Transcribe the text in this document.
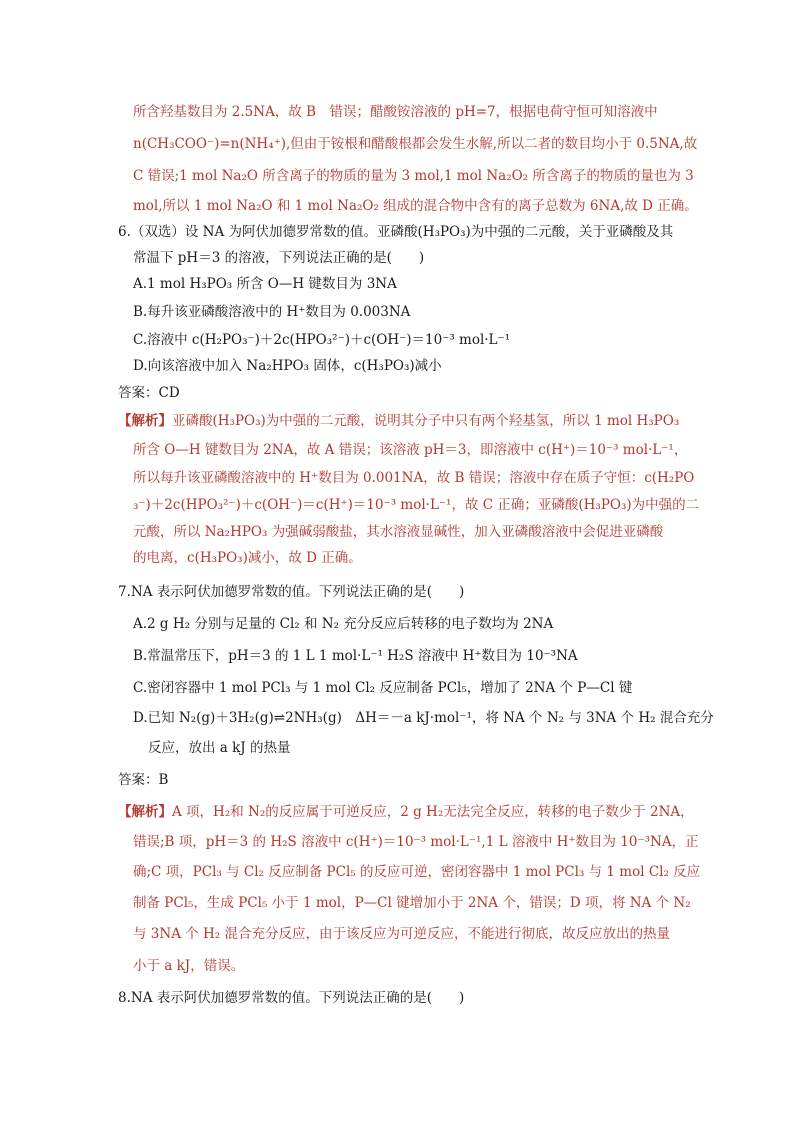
所含羟基数目为 2.5NA，故 B　错误；醋酸铵溶液的 pH=7，根据电荷守恒可知溶液中
n(CH₃COO⁻)=n(NH₄⁺),但由于铵根和醋酸根都会发生水解,所以二者的数目均小于 0.5NA,故
C 错误;1 mol Na₂O 所含离子的物质的量为 3 mol,1 mol Na₂O₂ 所含离子的物质的量也为 3
mol,所以 1 mol Na₂O 和 1 mol Na₂O₂ 组成的混合物中含有的离子总数为 6NA,故 D 正确。
6.（双选）设 NA 为阿伏加德罗常数的值。亚磷酸(H₃PO₃)为中强的二元酸，关于亚磷酸及其
常温下 pH＝3 的溶液，下列说法正确的是(　　)
A.1 mol H₃PO₃ 所含 O—H 键数目为 3NA
B.每升该亚磷酸溶液中的 H⁺数目为 0.003NA
C.溶液中 c(H₂PO₃⁻)＋2c(HPO₃²⁻)＋c(OH⁻)＝10⁻³ mol·L⁻¹
D.向该溶液中加入 Na₂HPO₃ 固体，c(H₃PO₃)减小
答案：CD
【解析】亚磷酸(H₃PO₃)为中强的二元酸，说明其分子中只有两个羟基氢，所以 1 mol H₃PO₃
所含 O—H 键数目为 2NA，故 A 错误；该溶液 pH＝3，即溶液中 c(H⁺)＝10⁻³ mol·L⁻¹，
所以每升该亚磷酸溶液中的 H⁺数目为 0.001NA，故 B 错误；溶液中存在质子守恒：c(H₂PO
₃⁻)＋2c(HPO₃²⁻)＋c(OH⁻)＝c(H⁺)＝10⁻³ mol·L⁻¹，故 C 正确；亚磷酸(H₃PO₃)为中强的二
元酸，所以 Na₂HPO₃ 为强碱弱酸盐，其水溶液显碱性，加入亚磷酸溶液中会促进亚磷酸
的电离，c(H₃PO₃)减小，故 D 正确。
7.NA 表示阿伏加德罗常数的值。下列说法正确的是(　　)
A.2 g H₂ 分别与足量的 Cl₂ 和 N₂ 充分反应后转移的电子数均为 2NA
B.常温常压下，pH＝3 的 1 L 1 mol·L⁻¹ H₂S 溶液中 H⁺数目为 10⁻³NA
C.密闭容器中 1 mol PCl₃ 与 1 mol Cl₂ 反应制备 PCl₅，增加了 2NA 个 P—Cl 键
D.已知 N₂(g)＋3H₂(g)⇌2NH₃(g)　ΔH＝－a kJ·mol⁻¹，将 NA 个 N₂ 与 3NA 个 H₂ 混合充分
反应，放出 a kJ 的热量
答案：B
【解析】A 项，H₂和 N₂的反应属于可逆反应，2 g H₂无法完全反应，转移的电子数少于 2NA，
错误;B 项，pH＝3 的 H₂S 溶液中 c(H⁺)＝10⁻³ mol·L⁻¹,1 L 溶液中 H⁺数目为 10⁻³NA，正
确;C 项，PCl₃ 与 Cl₂ 反应制备 PCl₅ 的反应可逆，密闭容器中 1 mol PCl₃ 与 1 mol Cl₂ 反应
制备 PCl₅，生成 PCl₅ 小于 1 mol，P—Cl 键增加小于 2NA 个，错误；D 项，将 NA 个 N₂
与 3NA 个 H₂ 混合充分反应，由于该反应为可逆反应，不能进行彻底，故反应放出的热量
小于 a kJ，错误。
8.NA 表示阿伏加德罗常数的值。下列说法正确的是(　　)
